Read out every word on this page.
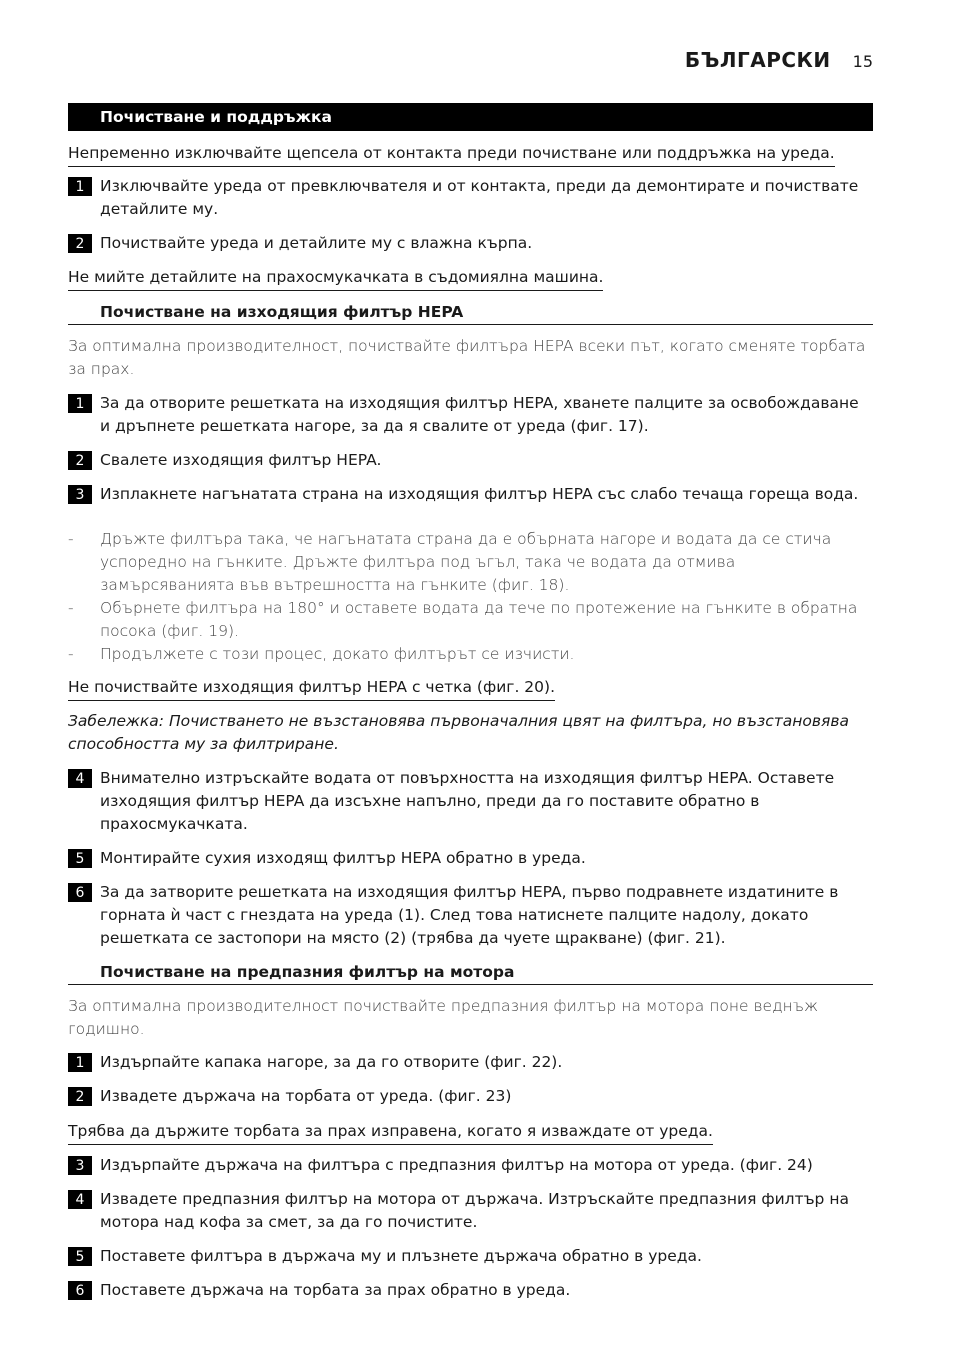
БЪЛГАРСКИ 15
Почистване и поддръжка
Непременно изключвайте щепсела от контакта преди почистване или поддръжка на уреда.
1	Изключвайте уреда от превключвателя и от контакта, преди да демонтирате и почиствате детайлите му.
2	Почиствайте уреда и детайлите му с влажна кърпа.
Не мийте детайлите на прахосмукачката в съдомиялна машина.
Почистване на изходящия филтър HEPA
За оптимална производителност, почиствайте филтъра HEPA всеки път, когато сменяте торбата за прах.
1	За да отворите решетката на изходящия филтър HEPA, хванете палците за освобождаване и дръпнете решетката нагоре, за да я свалите от уреда (фиг. 17).
2	Свалете изходящия филтър HEPA.
3	Изплакнете нагънатата страна на изходящия филтър HEPA със слабо течаща гореща вода.
-	Дръжте филтъра така, че нагънатата страна да е обърната нагоре и водата да се стича успоредно на гънките. Дръжте филтъра под ъгъл, така че водата да отмива замърсяванията във вътрешността на гънките (фиг. 18).
-	Обърнете филтъра на 180° и оставете водата да тече по протежение на гънките в обратна посока (фиг. 19).
-	Продължете с този процес, докато филтърът се изчисти.
Не почиствайте изходящия филтър HEPA с четка (фиг. 20).
Забележка: Почистването не възстановява първоначалния цвят на филтъра, но възстановява способността му за филтриране.
4	Внимателно изтръскайте водата от повърхността на изходящия филтър HEPA. Оставете изходящия филтър HEPA да изсъхне напълно, преди да го поставите обратно в прахосмукачката.
5	Монтирайте сухия изходящ филтър HEPA обратно в уреда.
6	За да затворите решетката на изходящия филтър HEPA, първо подравнете издатините в горната ѝ част с гнездата на уреда (1). След това натиснете палците надолу, докато решетката се застопори на място (2) (трябва да чуете щракване) (фиг. 21).
Почистване на предпазния филтър на мотора
За оптимална производителност почиствайте предпазния филтър на мотора поне веднъж годишно.
1	Издърпайте капака нагоре, за да го отворите (фиг. 22).
2	Извадете държача на торбата от уреда. (фиг. 23)
Трябва да държите торбата за прах изправена, когато я изваждате от уреда.
3	Издърпайте държача на филтъра с предпазния филтър на мотора от уреда. (фиг. 24)
4	Извадете предпазния филтър на мотора от държача. Изтръскайте предпазния филтър на мотора над кофа за смет, за да го почистите.
5	Поставете филтъра в държача му и плъзнете държача обратно в уреда.
6	Поставете държача на торбата за прах обратно в уреда.
